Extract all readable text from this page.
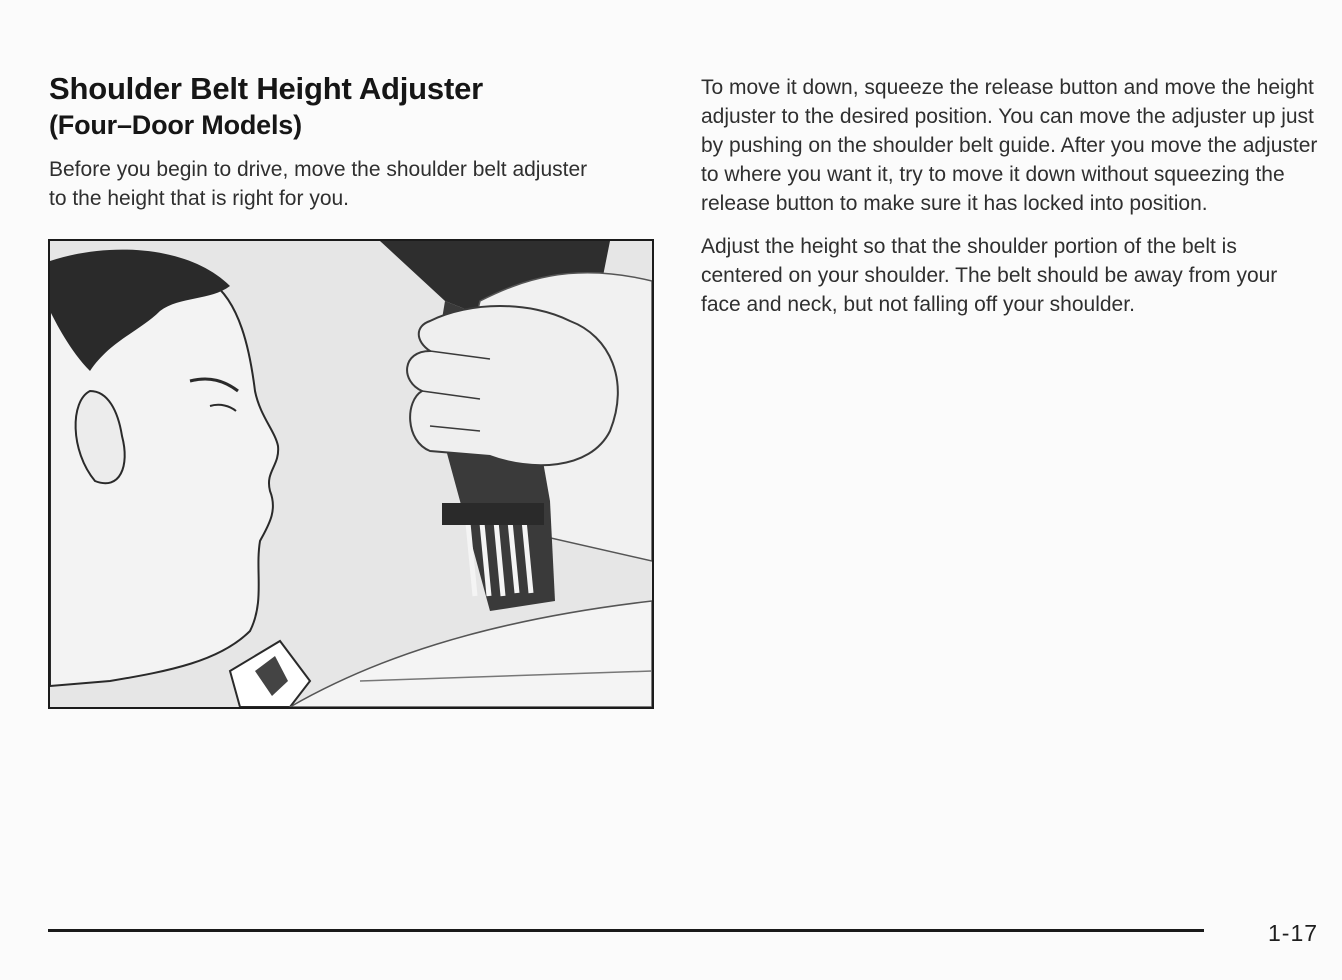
Shoulder Belt Height Adjuster
(Four–Door Models)

Before you begin to drive, move the shoulder belt adjuster to the height that is right for you.

To move it down, squeeze the release button and move the height adjuster to the desired position. You can move the adjuster up just by pushing on the shoulder belt guide. After you move the adjuster to where you want it, try to move it down without squeezing the release button to make sure it has locked into position.

Adjust the height so that the shoulder portion of the belt is centered on your shoulder. The belt should be away from your face and neck, but not falling off your shoulder.

1-17
